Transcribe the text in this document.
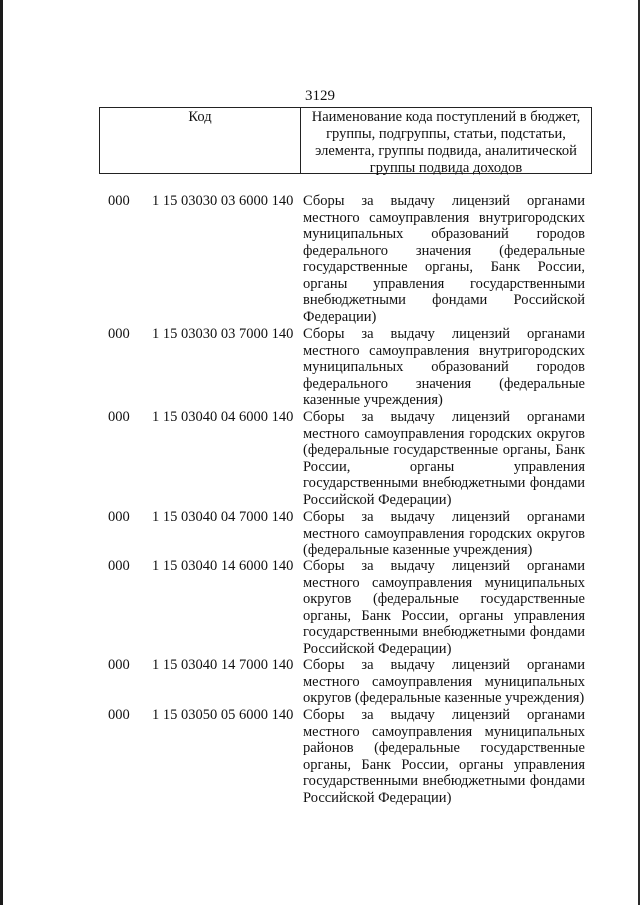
3129
Код	Наименование кода поступлений в бюджет, группы, подгруппы, статьи, подстатьи, элемента, группы подвида, аналитической группы подвида доходов
000 1 15 03030 03 6000 140 Сборы за выдачу лицензий органами местного самоуправления внутригородских муниципальных образований городов федерального значения (федеральные государственные органы, Банк России, органы управления государственными внебюджетными фондами Российской Федерации)
000 1 15 03030 03 7000 140 Сборы за выдачу лицензий органами местного самоуправления внутригородских муниципальных образований городов федерального значения (федеральные казенные учреждения)
000 1 15 03040 04 6000 140 Сборы за выдачу лицензий органами местного самоуправления городских округов (федеральные государственные органы, Банк России, органы управления государственными внебюджетными фондами Российской Федерации)
000 1 15 03040 04 7000 140 Сборы за выдачу лицензий органами местного самоуправления городских округов (федеральные казенные учреждения)
000 1 15 03040 14 6000 140 Сборы за выдачу лицензий органами местного самоуправления муниципальных округов (федеральные государственные органы, Банк России, органы управления государственными внебюджетными фондами Российской Федерации)
000 1 15 03040 14 7000 140 Сборы за выдачу лицензий органами местного самоуправления муниципальных округов (федеральные казенные учреждения)
000 1 15 03050 05 6000 140 Сборы за выдачу лицензий органами местного самоуправления муниципальных районов (федеральные государственные органы, Банк России, органы управления государственными внебюджетными фондами Российской Федерации)
